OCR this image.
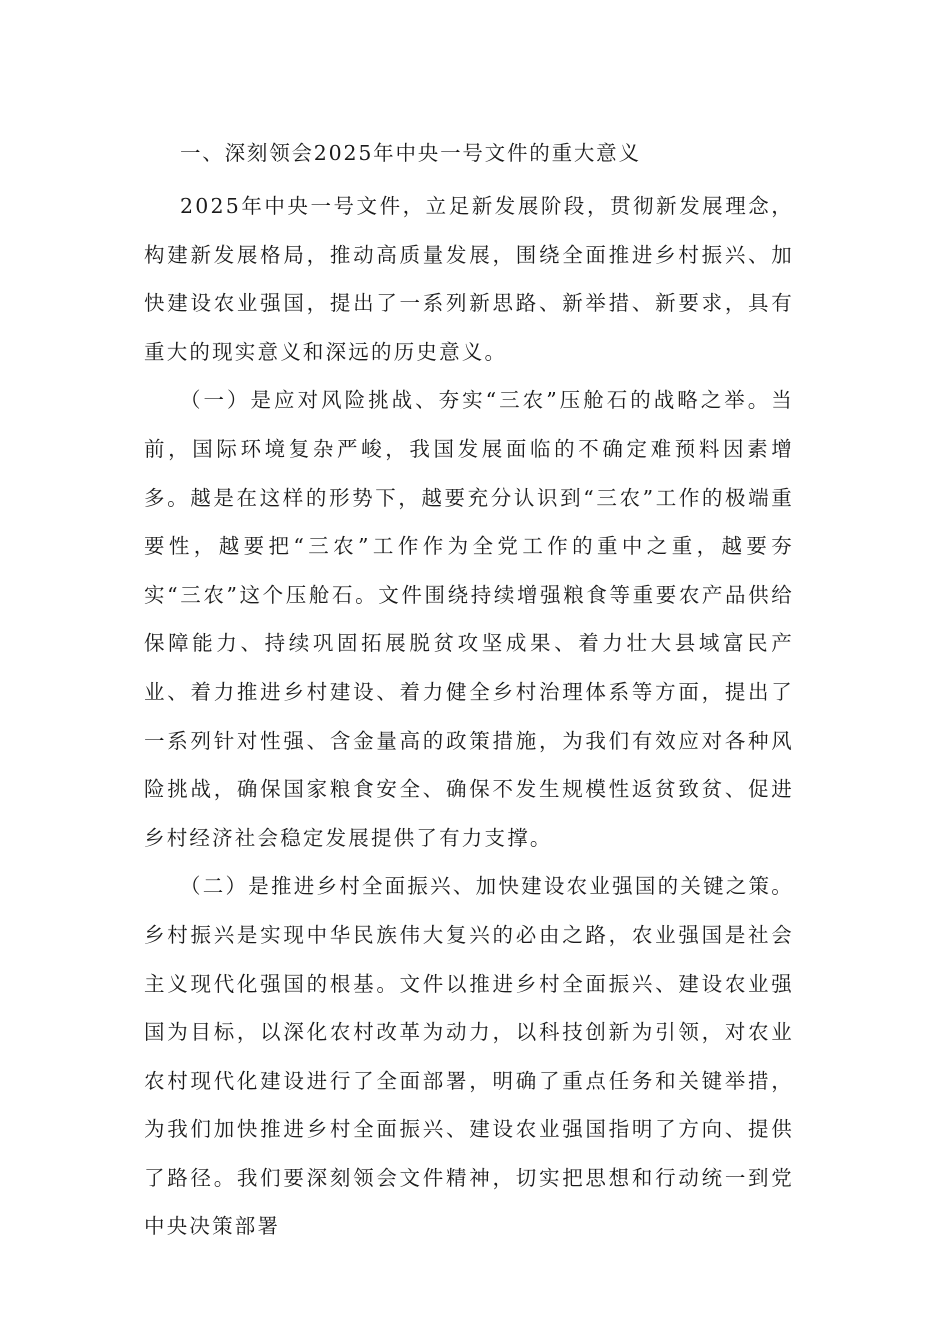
一、深刻领会2025年中央一号文件的重大意义

2025年中央一号文件，立足新发展阶段，贯彻新发展理念，构建新发展格局，推动高质量发展，围绕全面推进乡村振兴、加快建设农业强国，提出了一系列新思路、新举措、新要求，具有重大的现实意义和深远的历史意义。

（一）是应对风险挑战、夯实“三农”压舱石的战略之举。当前，国际环境复杂严峻，我国发展面临的不确定难预料因素增多。越是在这样的形势下，越要充分认识到“三农”工作的极端重要性，越要把“三农”工作作为全党工作的重中之重，越要夯实“三农”这个压舱石。文件围绕持续增强粮食等重要农产品供给保障能力、持续巩固拓展脱贫攻坚成果、着力壮大县域富民产业、着力推进乡村建设、着力健全乡村治理体系等方面，提出了一系列针对性强、含金量高的政策措施，为我们有效应对各种风险挑战，确保国家粮食安全、确保不发生规模性返贫致贫、促进乡村经济社会稳定发展提供了有力支撑。

（二）是推进乡村全面振兴、加快建设农业强国的关键之策。乡村振兴是实现中华民族伟大复兴的必由之路，农业强国是社会主义现代化强国的根基。文件以推进乡村全面振兴、建设农业强国为目标，以深化农村改革为动力，以科技创新为引领，对农业农村现代化建设进行了全面部署，明确了重点任务和关键举措，为我们加快推进乡村全面振兴、建设农业强国指明了方向、提供了路径。我们要深刻领会文件精神，切实把思想和行动统一到党中央决策部署
